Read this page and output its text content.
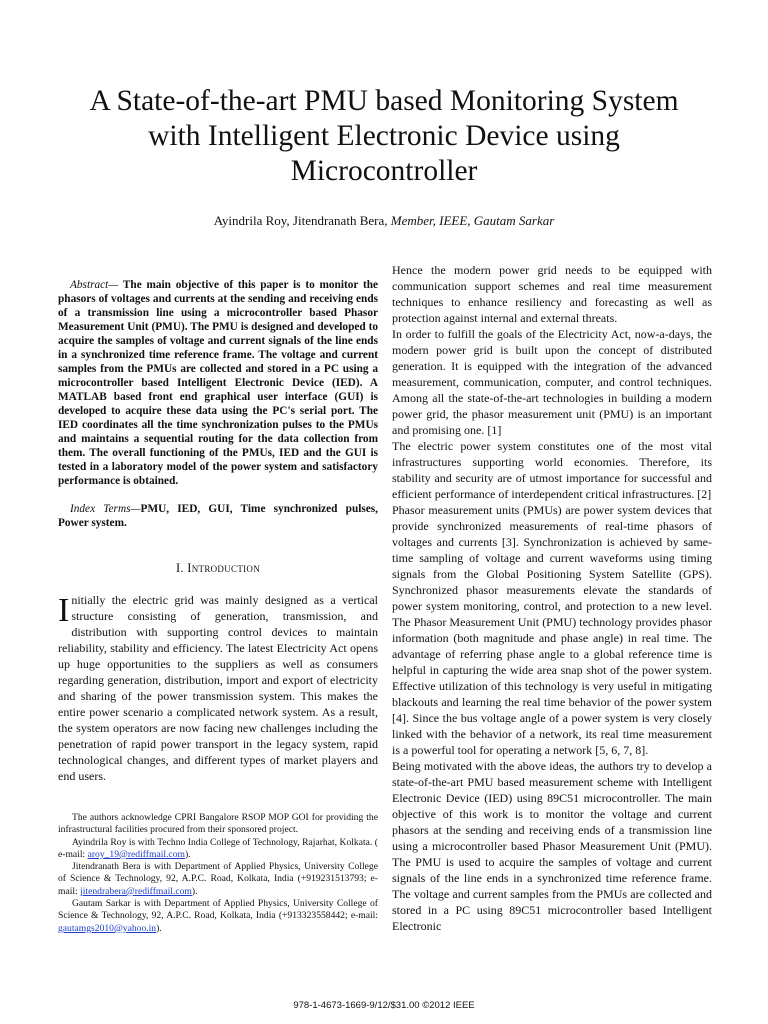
A State-of-the-art PMU based Monitoring System with Intelligent Electronic Device using Microcontroller
Ayindrila Roy, Jitendranath Bera, Member, IEEE, Gautam Sarkar

Abstract— The main objective of this paper is to monitor the phasors of voltages and currents at the sending and receiving ends of a transmission line using a microcontroller based Phasor Measurement Unit (PMU). The PMU is designed and developed to acquire the samples of voltage and current signals of the line ends in a synchronized time reference frame. The voltage and current samples from the PMUs are collected and stored in a PC using a microcontroller based Intelligent Electronic Device (IED). A MATLAB based front end graphical user interface (GUI) is developed to acquire these data using the PC's serial port. The IED coordinates all the time synchronization pulses to the PMUs and maintains a sequential routing for the data collection from them. The overall functioning of the PMUs, IED and the GUI is tested in a laboratory model of the power system and satisfactory performance is obtained.

Index Terms—PMU, IED, GUI, Time synchronized pulses, Power system.

I. Introduction

Initially the electric grid was mainly designed as a vertical structure consisting of generation, transmission, and distribution with supporting control devices to maintain reliability, stability and efficiency. The latest Electricity Act opens up huge opportunities to the suppliers as well as consumers regarding generation, distribution, import and export of electricity and sharing of the power transmission system. This makes the entire power scenario a complicated network system. As a result, the system operators are now facing new challenges including the penetration of rapid power transport in the legacy system, rapid technological changes, and different types of market players and end users.

The authors acknowledge CPRI Bangalore RSOP MOP GOI for providing the infrastructural facilities procured from their sponsored project.

Ayindrila Roy is with Techno India College of Technology, Rajarhat, Kolkata. ( e-mail: aroy_19@rediffmail.com).

Jitendranath Bera is with Department of Applied Physics, University College of Science & Technology, 92, A.P.C. Road, Kolkata, India (+919231513793; e-mail: jitendrabera@rediffmail.com).

Gautam Sarkar is with Department of Applied Physics, University College of Science & Technology, 92, A.P.C. Road, Kolkata, India (+913323558442; e-mail: gautamgs2010@yahoo.in).

Hence the modern power grid needs to be equipped with communication support schemes and real time measurement techniques to enhance resiliency and forecasting as well as protection against internal and external threats.

In order to fulfill the goals of the Electricity Act, now-a-days, the modern power grid is built upon the concept of distributed generation. It is equipped with the integration of the advanced measurement, communication, computer, and control techniques. Among all the state-of-the-art technologies in building a modern power grid, the phasor measurement unit (PMU) is an important and promising one. [1]

The electric power system constitutes one of the most vital infrastructures supporting world economies. Therefore, its stability and security are of utmost importance for successful and efficient performance of interdependent critical infrastructures. [2]

Phasor measurement units (PMUs) are power system devices that provide synchronized measurements of real-time phasors of voltages and currents [3]. Synchronization is achieved by same-time sampling of voltage and current waveforms using timing signals from the Global Positioning System Satellite (GPS). Synchronized phasor measurements elevate the standards of power system monitoring, control, and protection to a new level. The Phasor Measurement Unit (PMU) technology provides phasor information (both magnitude and phase angle) in real time. The advantage of referring phase angle to a global reference time is helpful in capturing the wide area snap shot of the power system. Effective utilization of this technology is very useful in mitigating blackouts and learning the real time behavior of the power system [4]. Since the bus voltage angle of a power system is very closely linked with the behavior of a network, its real time measurement is a powerful tool for operating a network [5, 6, 7, 8].

Being motivated with the above ideas, the authors try to develop a state-of-the-art PMU based measurement scheme with Intelligent Electronic Device (IED) using 89C51 microcontroller. The main objective of this work is to monitor the voltage and current phasors at the sending and receiving ends of a transmission line using a microcontroller based Phasor Measurement Unit (PMU). The PMU is used to acquire the samples of voltage and current signals of the line ends in a synchronized time reference frame. The voltage and current samples from the PMUs are collected and stored in a PC using 89C51 microcontroller based Intelligent Electronic

978-1-4673-1669-9/12/$31.00 ©2012 IEEE
